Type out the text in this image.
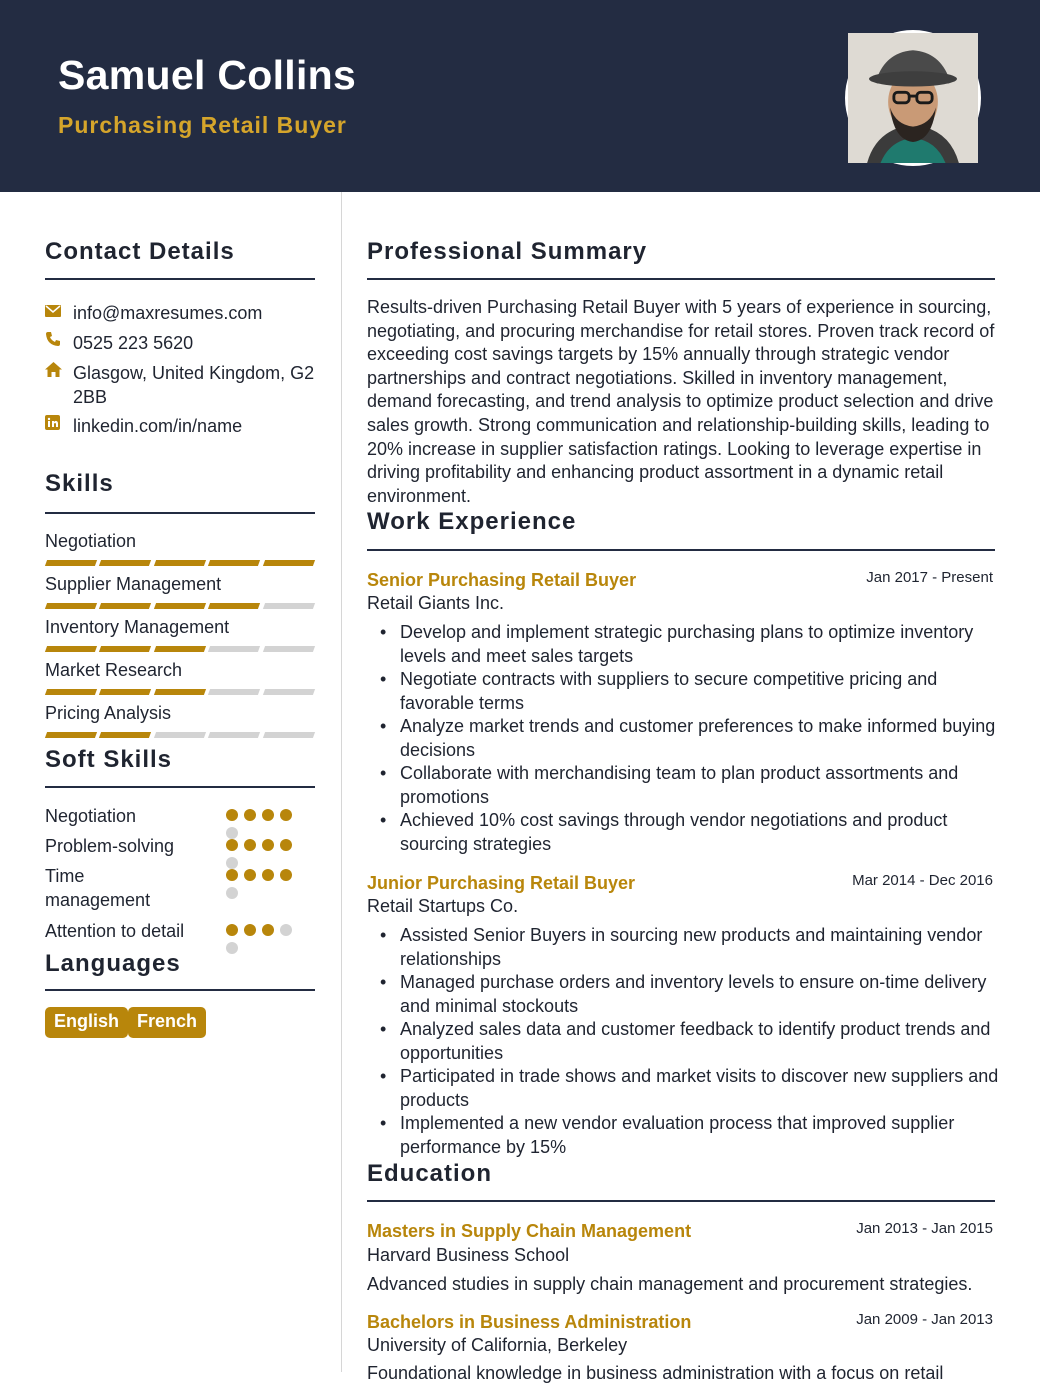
Samuel Collins
Purchasing Retail Buyer
Contact Details
info@maxresumes.com
0525 223 5620
Glasgow, United Kingdom, G2 2BB
linkedin.com/in/name
Skills
Negotiation
Supplier Management
Inventory Management
Market Research
Pricing Analysis
Soft Skills
Negotiation
Problem-solving
Time management
Attention to detail
Languages
English French
Professional Summary
Results-driven Purchasing Retail Buyer with 5 years of experience in sourcing, negotiating, and procuring merchandise for retail stores. Proven track record of exceeding cost savings targets by 15% annually through strategic vendor partnerships and contract negotiations. Skilled in inventory management, demand forecasting, and trend analysis to optimize product selection and drive sales growth. Strong communication and relationship-building skills, leading to 20% increase in supplier satisfaction ratings. Looking to leverage expertise in driving profitability and enhancing product assortment in a dynamic retail environment.
Work Experience
Senior Purchasing Retail Buyer	Jan 2017 - Present
Retail Giants Inc.
• Develop and implement strategic purchasing plans to optimize inventory levels and meet sales targets
• Negotiate contracts with suppliers to secure competitive pricing and favorable terms
• Analyze market trends and customer preferences to make informed buying decisions
• Collaborate with merchandising team to plan product assortments and promotions
• Achieved 10% cost savings through vendor negotiations and product sourcing strategies
Junior Purchasing Retail Buyer	Mar 2014 - Dec 2016
Retail Startups Co.
• Assisted Senior Buyers in sourcing new products and maintaining vendor relationships
• Managed purchase orders and inventory levels to ensure on-time delivery and minimal stockouts
• Analyzed sales data and customer feedback to identify product trends and opportunities
• Participated in trade shows and market visits to discover new suppliers and products
• Implemented a new vendor evaluation process that improved supplier performance by 15%
Education
Masters in Supply Chain Management	Jan 2013 - Jan 2015
Harvard Business School
Advanced studies in supply chain management and procurement strategies.
Bachelors in Business Administration	Jan 2009 - Jan 2013
University of California, Berkeley
Foundational knowledge in business administration with a focus on retail
